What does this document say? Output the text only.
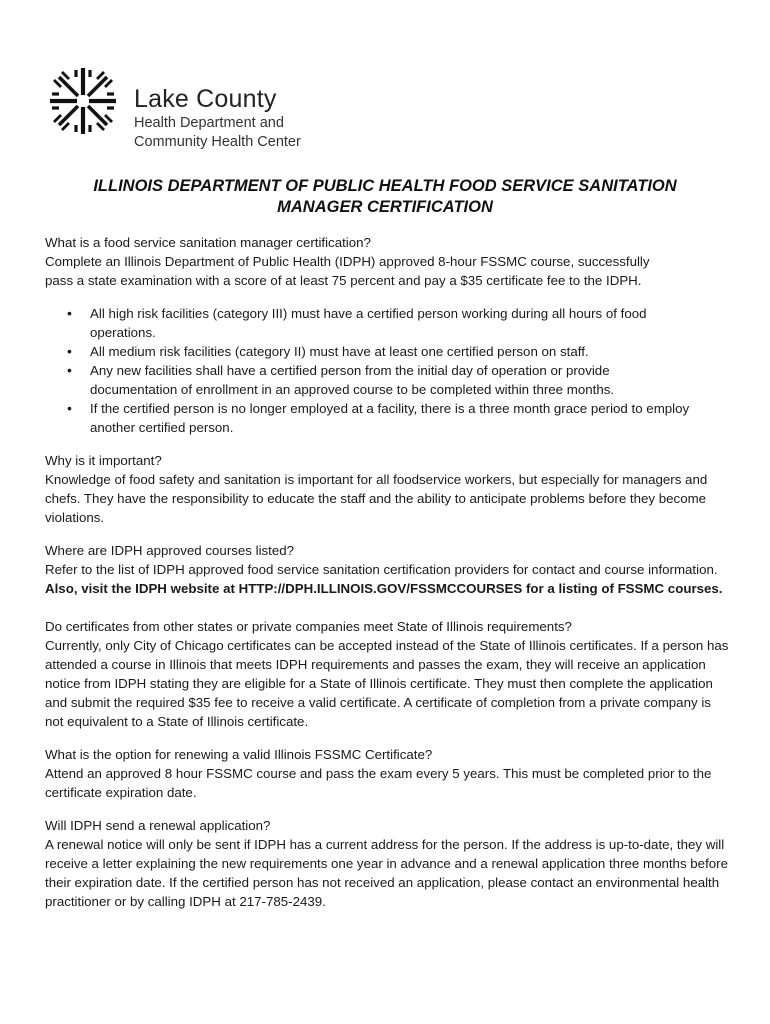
Lake County
Health Department and
Community Health Center
ILLINOIS DEPARTMENT OF PUBLIC HEALTH FOOD SERVICE SANITATION
MANAGER CERTIFICATION

What is a food service sanitation manager certification?

Complete an Illinois Department of Public Health (IDPH) approved 8-hour FSSMC course, successfully

pass a state examination with a score of at least 75 percent and pay a $35 certificate fee to the IDPH.

• All high risk facilities (category III) must have a certified person working during all hours of food operations.
• All medium risk facilities (category II) must have at least one certified person on staff.
• Any new facilities shall have a certified person from the initial day of operation or provide documentation of enrollment in an approved course to be completed within three months.
• If the certified person is no longer employed at a facility, there is a three month grace period to employ another certified person.

Why is it important?

Knowledge of food safety and sanitation is important for all foodservice workers, but especially for managers and chefs. They have the responsibility to educate the staff and the ability to anticipate problems before they become violations.

Where are IDPH approved courses listed?

Refer to the list of IDPH approved food service sanitation certification providers for contact and course information. Also, visit the IDPH website at HTTP://DPH.ILLINOIS.GOV/FSSMCCOURSES for a listing of FSSMC courses.

Do certificates from other states or private companies meet State of Illinois requirements?

Currently, only City of Chicago certificates can be accepted instead of the State of Illinois certificates. If a person has attended a course in Illinois that meets IDPH requirements and passes the exam, they will receive an application notice from IDPH stating they are eligible for a State of Illinois certificate. They must then complete the application and submit the required $35 fee to receive a valid certificate. A certificate of completion from a private company is not equivalent to a State of Illinois certificate.

What is the option for renewing a valid Illinois FSSMC Certificate?

Attend an approved 8 hour FSSMC course and pass the exam every 5 years. This must be completed prior to the certificate expiration date.

Will IDPH send a renewal application?

A renewal notice will only be sent if IDPH has a current address for the person. If the address is up-to-date, they will receive a letter explaining the new requirements one year in advance and a renewal application three months before their expiration date. If the certified person has not received an application, please contact an environmental health practitioner or by calling IDPH at 217-785-2439.
